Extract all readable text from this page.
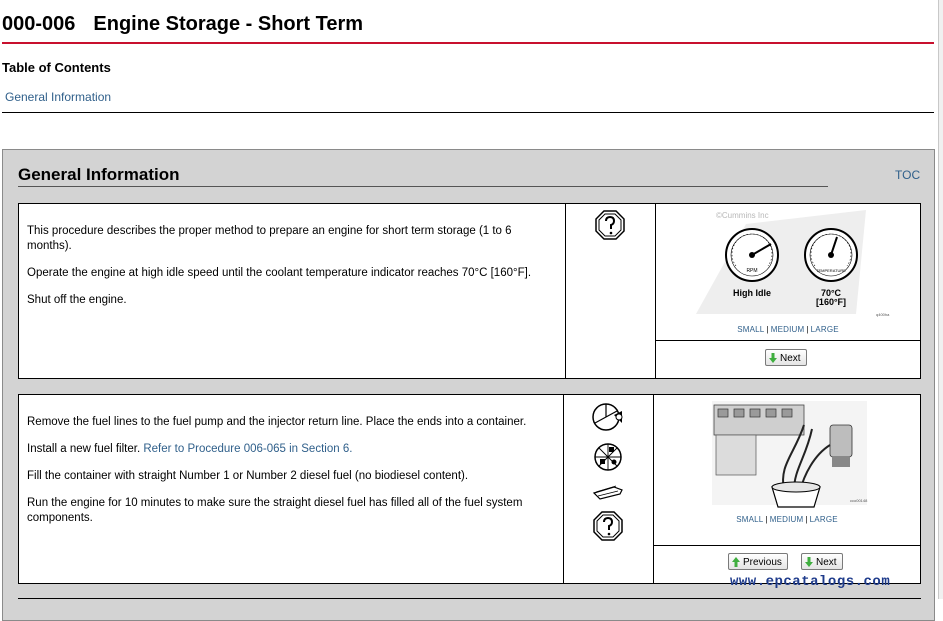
000-006 Engine Storage - Short Term
Table of Contents
General Information
General Information	TOC

This procedure describes the proper method to prepare an engine for short term storage (1 to 6 months).

Operate the engine at high idle speed until the coolant temperature indicator reaches 70°C [160°F].

Shut off the engine.

©Cummins Inc
RPM	TEMPERATURE
High Idle	70°C
[160°F]
q400ha
SMALL | MEDIUM | LARGE
Next

Remove the fuel lines to the fuel pump and the injector return line. Place the ends into a container.

Install a new fuel filter. Refer to Procedure 006-065 in Section 6.

Fill the container with straight Number 1 or Number 2 diesel fuel (no biodiesel content).

Run the engine for 10 minutes to make sure the straight diesel fuel has filled all of the fuel system components.

cco00148
SMALL | MEDIUM | LARGE
Previous	Next
www.epcatalogs.com
